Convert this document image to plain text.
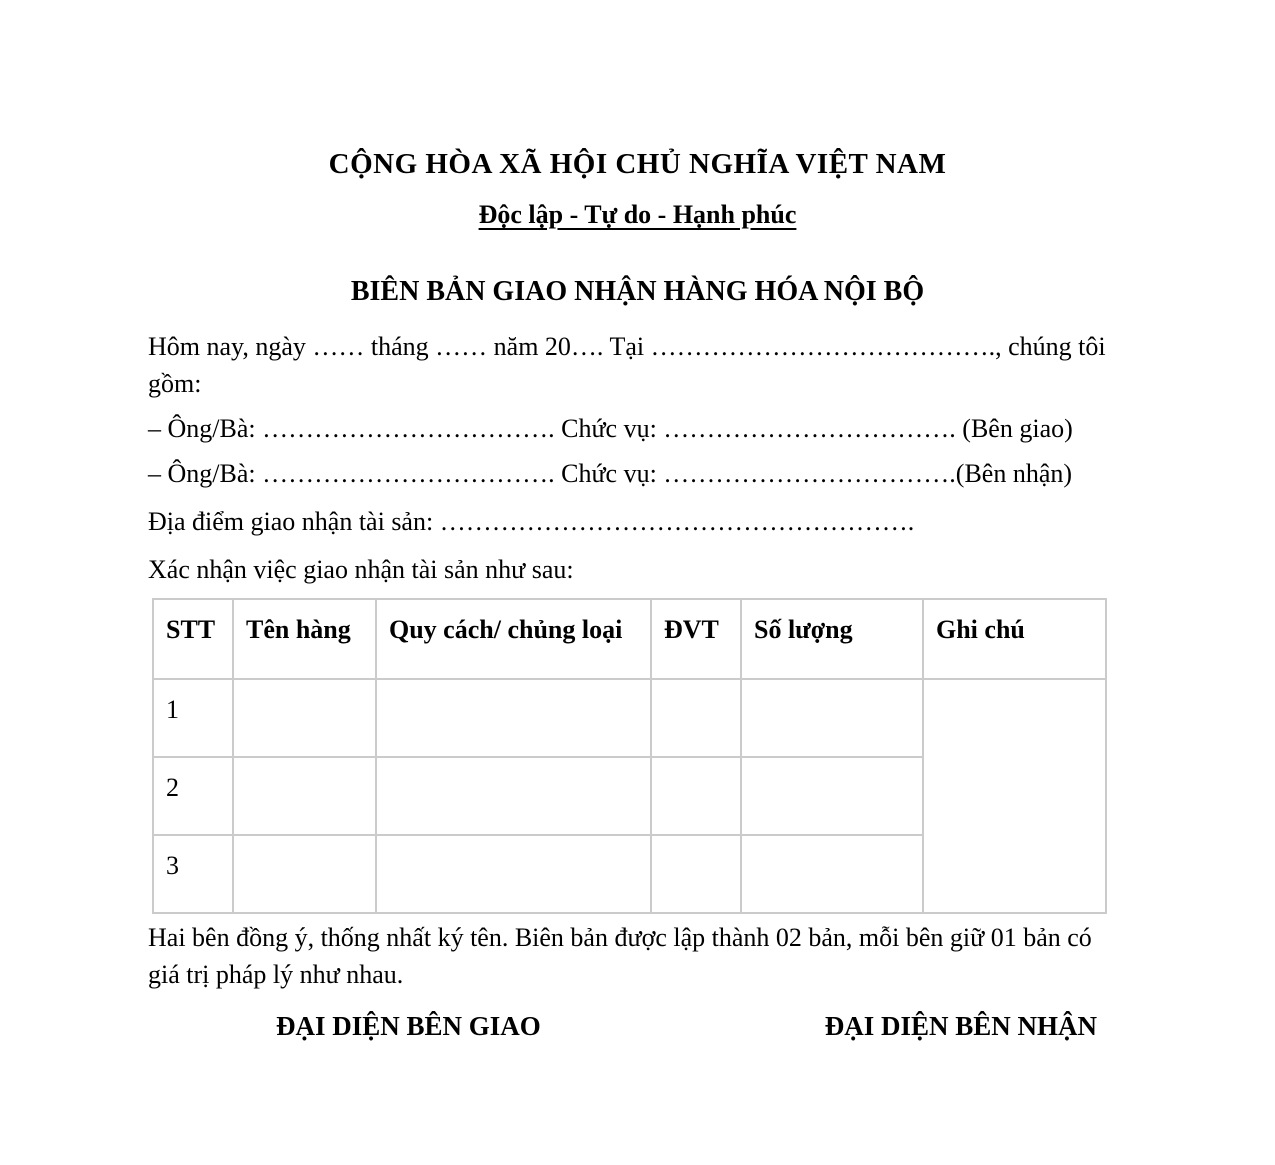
CỘNG HÒA XÃ HỘI CHỦ NGHĨA VIỆT NAM
Độc lập - Tự do - Hạnh phúc
BIÊN BẢN GIAO NHẬN HÀNG HÓA NỘI BỘ
Hôm nay, ngày …… tháng …… năm 20…. Tại …………………………………., chúng tôi gồm:
– Ông/Bà: ……………………………. Chức vụ: ……………………………. (Bên giao)
– Ông/Bà: ……………………………. Chức vụ: …………………………….(Bên nhận)
Địa điểm giao nhận tài sản: ……………………………………………….
Xác nhận việc giao nhận tài sản như sau:
STT	Tên hàng	Quy cách/ chủng loại	ĐVT	Số lượng	Ghi chú
1					
2					
3					
Hai bên đồng ý, thống nhất ký tên. Biên bản được lập thành 02 bản, mỗi bên giữ 01 bản có giá trị pháp lý như nhau.
ĐẠI DIỆN BÊN GIAO	ĐẠI DIỆN BÊN NHẬN
